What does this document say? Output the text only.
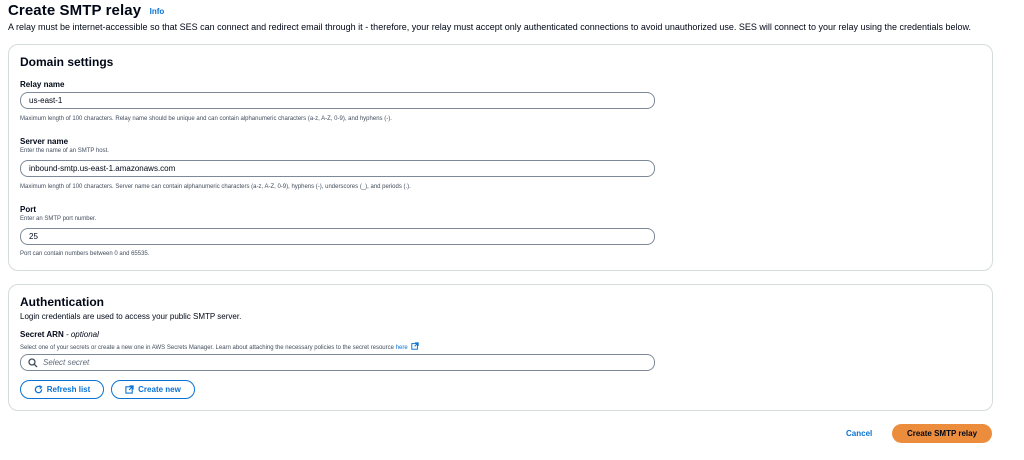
Create SMTP relay Info
A relay must be internet-accessible so that SES can connect and redirect email through it - therefore, your relay must accept only authenticated connections to avoid unauthorized use. SES will connect to your relay using the credentials below.
Domain settings
Relay name
us-east-1
Maximum length of 100 characters. Relay name should be unique and can contain alphanumeric characters (a-z, A-Z, 0-9), and hyphens (-).
Server name
Enter the name of an SMTP host.
inbound-smtp.us-east-1.amazonaws.com
Maximum length of 100 characters. Server name can contain alphanumeric characters (a-z, A-Z, 0-9), hyphens (-), underscores (_), and periods (.).
Port
Enter an SMTP port number.
25
Port can contain numbers between 0 and 65535.
Authentication
Login credentials are used to access your public SMTP server.
Secret ARN - optional
Select one of your secrets or create a new one in AWS Secrets Manager. Learn about attaching the necessary policies to the secret resource here
Select secret
Refresh list	Create new
Cancel	Create SMTP relay
